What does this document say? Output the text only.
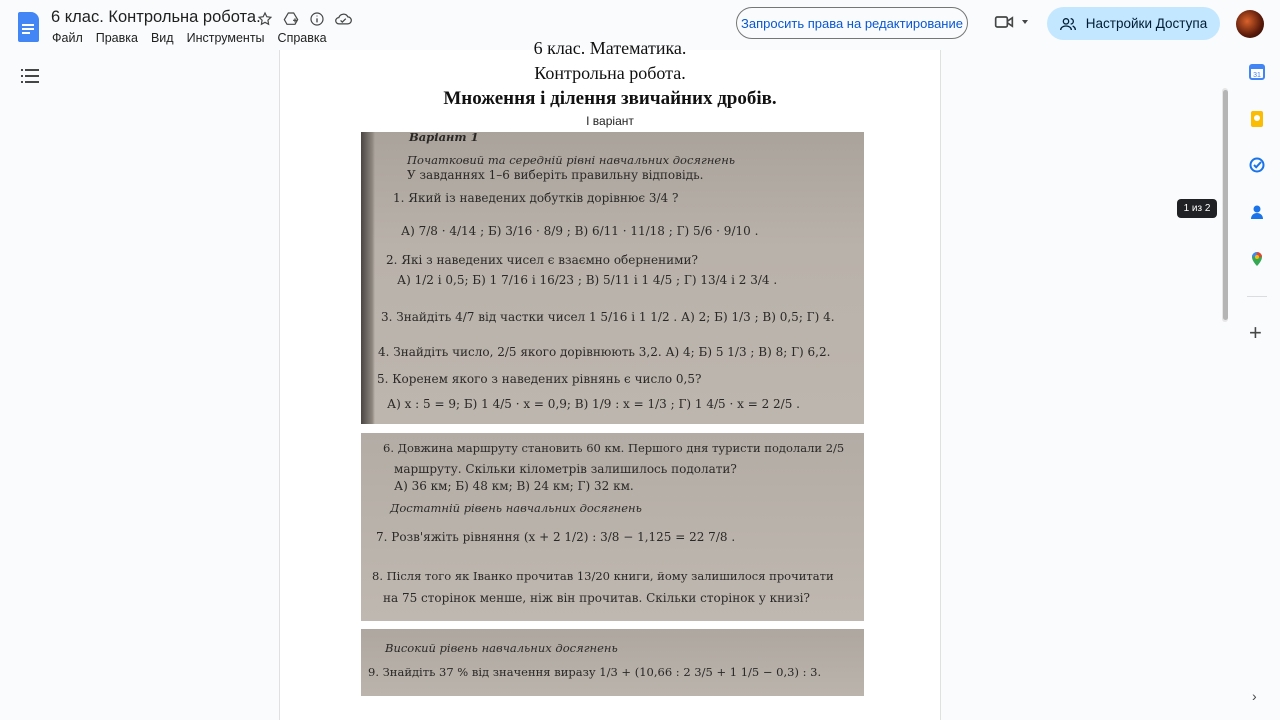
6 клас. Контрольна робота.
Файл Правка Вид Инструменты Справка
Запросить права на редактирование	Настройки Доступа
6 клас. Математика.
Контрольна робота.
Множення і ділення звичайних дробів.
І варіант
Варіант 1
Початковий та середній рівні навчальних досягнень
У завданнях 1–6 виберіть правильну відповідь.
1. Який із наведених добутків дорівнює 3/4 ?
А) 7/8 · 4/14 ; Б) 3/16 · 8/9 ; В) 6/11 · 11/18 ; Г) 5/6 · 9/10 .
2. Які з наведених чисел є взаємно оберненими?
А) 1/2 і 0,5; Б) 1 7/16 і 16/23 ; В) 5/11 і 1 4/5 ; Г) 13/4 і 2 3/4 .
3. Знайдіть 4/7 від частки чисел 1 5/16 і 1 1/2 . А) 2; Б) 1/3 ; В) 0,5; Г) 4.
4. Знайдіть число, 2/5 якого дорівнюють 3,2. А) 4; Б) 5 1/3 ; В) 8; Г) 6,2.
5. Коренем якого з наведених рівнянь є число 0,5?
А) x : 5 = 9; Б) 1 4/5 · x = 0,9; В) 1/9 : x = 1/3 ; Г) 1 4/5 · x = 2 2/5 .
6. Довжина маршруту становить 60 км. Першого дня туристи подолали 2/5
маршруту. Скільки кілометрів залишилось подолати?
А) 36 км; Б) 48 км; В) 24 км; Г) 32 км.
Достатній рівень навчальних досягнень
7. Розв'яжіть рівняння (x + 2 1/2) : 3/8 − 1,125 = 22 7/8 .
8. Після того як Іванко прочитав 13/20 книги, йому залишилося прочитати
на 75 сторінок менше, ніж він прочитав. Скільки сторінок у книзі?
Високий рівень навчальних досягнень
9. Знайдіть 37 % від значення виразу 1/3 + (10,66 : 2 3/5 + 1 1/5 − 0,3) : 3.
1 из 2
31
+
›
